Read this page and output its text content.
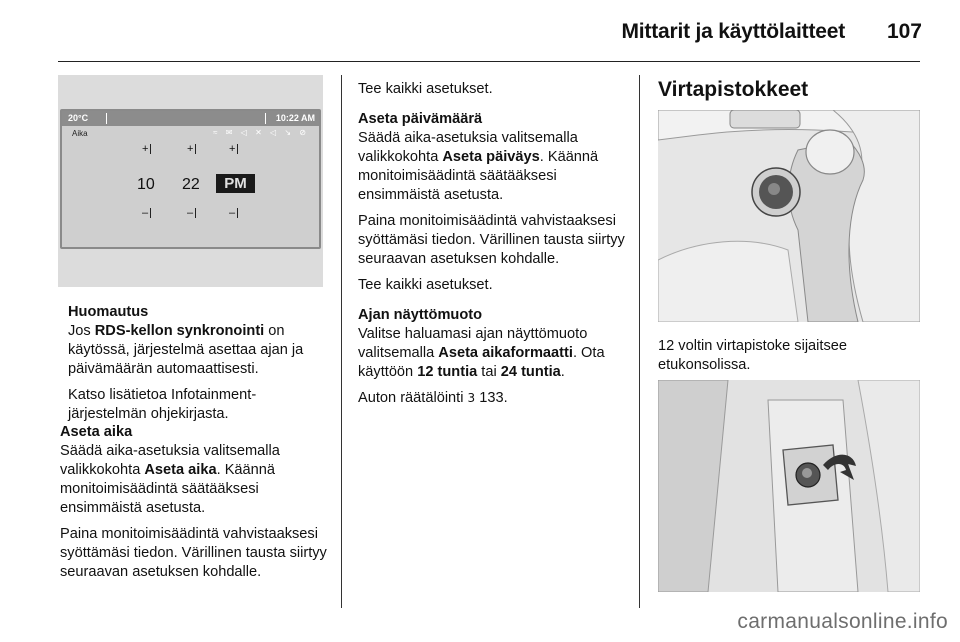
Mittarit ja käyttölaitteet 107
20°C	10:22 AM
Aika	≈ ✉ ◁ ✕ ◁ ↘ ⊘
+	+	+
10 22	PM
–	–	–
Huomautus

Jos RDS-kellon synkronointi on käytössä, järjestelmä asettaa ajan ja päivämäärän automaattisesti.

Katso lisätietoa Infotainment-järjestelmän ohjekirjasta.

Aseta aika

Säädä aika-asetuksia valitsemalla valikkokohta Aseta aika. Käännä monitoimisäädintä säätääksesi ensimmäistä asetusta.

Paina monitoimisäädintä vahvistaaksesi syöttämäsi tiedon. Värillinen tausta siirtyy seuraavan asetuksen kohdalle.

Tee kaikki asetukset.

Aseta päivämäärä

Säädä aika-asetuksia valitsemalla valikkokohta Aseta päiväys. Käännä monitoimisäädintä säätääksesi ensimmäistä asetusta.

Paina monitoimisäädintä vahvistaaksesi syöttämäsi tiedon. Värillinen tausta siirtyy seuraavan asetuksen kohdalle.

Tee kaikki asetukset.

Ajan näyttömuoto

Valitse haluamasi ajan näyttömuoto valitsemalla Aseta aikaformaatti. Ota käyttöön 12 tuntia tai 24 tuntia.

Auton räätälöinti 3 133.

Virtapistokkeet
12 voltin virtapistoke sijaitsee etukonsolissa.
carmanualsonline.info
